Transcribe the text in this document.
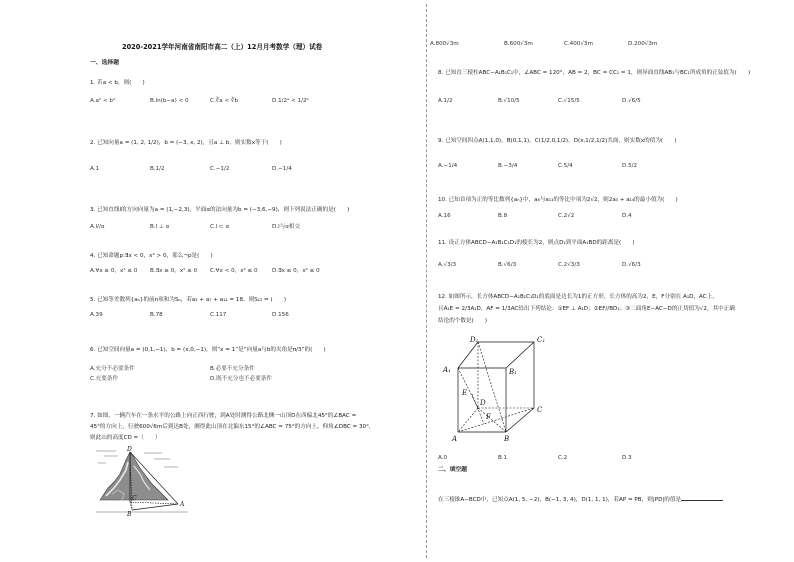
2020-2021学年河南省南阳市高二（上）12月月考数学（理）试卷
一、选择题
1. 若a < b，则(　　)
A.a² < b²	B.ln(b−a) < 0	C.∛a < ∛b	D.1/2ᵃ < 1/2ᵇ
2. 已知向量a = (1, 2, 1/2)，b = (−3, x, 2)，且a ⊥ b，则实数x等于(　　)
A.1	B.1/2	C.−1/2	D.−1/4
3. 已知直线l的方向向量为a = (1,−2,3)，平面α的法向量为b = (−3,6,−9)，则下列说法正确的是(　　)
A.l//α	B.l ⊥ α	C.l ⊂ α	D.l与α相交
4. 已知命题p:∃x < 0，x² > 0，那么¬p是(　　)
A.∀x ≥ 0，x² ≤ 0 B.∃x ≥ 0，x² ≤ 0 C.∀x < 0，x² ≤ 0	D.∃x ≥ 0，x² ≤ 0
5. 已知等差数列{aₙ}的前n项和为Sₙ，若a₂ + a₇ + a₁₂ = 18，则S₁₃ = (　　)
A.39	B.78	C.117	D.156
6. 已知空间向量a = (0,1,−1)，b = (x,0,−1)，则“x = 1”是“向量a与b的夹角是π/3”的(　　)
A.充分不必要条件	B.必要不充分条件
C.充要条件	D.既不充分也不必要条件
7. 如图，一辆汽车在一条水平的公路上向正西行驶，到A处时测得公路北侧一山顶D在西偏北45°的∠BAC =
45°的方向上，行驶600√6m后到达B处，测得此山顶在北偏东15°的∠ABC = 75°的方向上，仰角∠DBC = 30°，
则此山的高度CD =（　　）
D
C
B
A
A.800√3m	B.600√3m	C.400√3m	D.200√3m
8. 已知直三棱柱ABC−A₁B₁C₁中，∠ABC = 120°，AB = 2，BC = CC₁ = 1，则异面直线AB₁与BC₁所成角的正弦值为(　　)
A.1/2	B.√10/5	C.√15/5	D.√6/5
9. 已知空间四点A(1,1,0)，B(0,1,1)，C(1/2,0,1/2)，D(x,1/2,1/2)共面，则实数x的值为(　　)
A.−1/4	B.−3/4	C.5/4	D.5/2
10. 已知首项为正的等比数列{aₙ}中，a₆与a₁₁的等比中项为2√2，则2a₃ + a₁₄的最小值为(　　)
A.16	B.8	C.2√2	D.4
11. 设正方体ABCD−A₁B₁C₁D₁的棱长为2，则点D₁到平面A₁BD的距离是(　　)
A.√3/3	B.√6/3	C.2√3/3	D.√6/3
12. 如图所示，长方体ABCD−A₁B₁C₁D₁的底面是边长为1的正方形，长方体的高为2，E，F分别在 A₁D，AC上，
且A₁E = 2/3A₁D，AF = 1/3AC给出下列结论：①EF ⊥ A₁D；②EF//BD₁；③二面角E−AC−D的正切值为√2，其中正确
结论的个数是(　　)
D₁	C₁
A₁	B₁
E
D
F
C
A	B
A.0	B.1	C.2	D.3
二、填空题
在三棱锥A−BCD中，已知点A(1, 5, −2)，B(−1, 3, 4)，D(1, 1, 1)，若AP = PB，则|PD|的值是
